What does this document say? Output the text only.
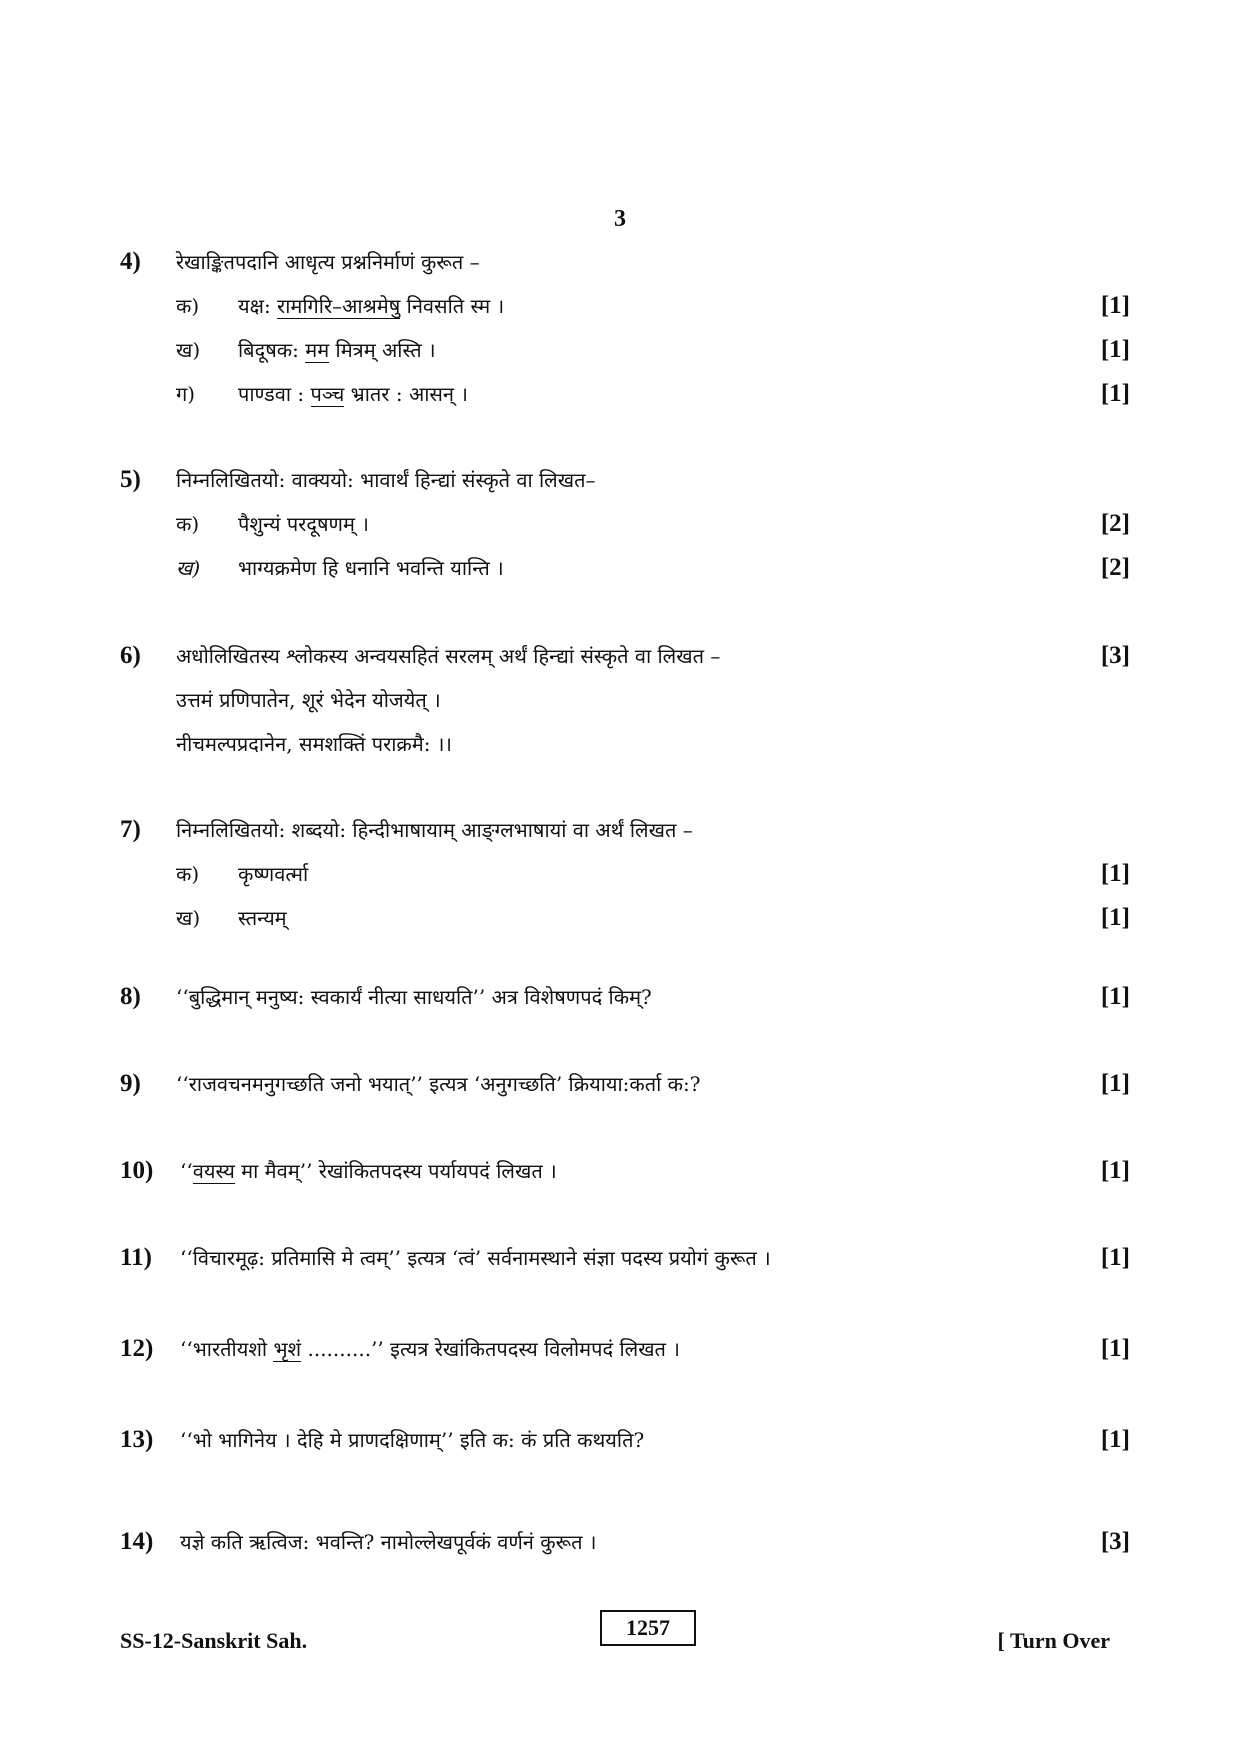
3
4) रेखाङ्कितपदानि आधृत्य प्रश्ननिर्माणं कुरूत –
क) यक्ष: रामगिरि–आश्रमेषु निवसति स्म ।	[1]
ख) बिदूषक: मम मित्रम् अस्ति ।	[1]
ग) पाण्डवा : पञ्च भ्रातर : आसन् ।	[1]
5) निम्नलिखितयो: वाक्ययो: भावार्थं हिन्द्यां संस्कृते वा लिखत–
क) पैशुन्यं परदूषणम् ।	[2]
ख) भाग्यक्रमेण हि धनानि भवन्ति यान्ति ।	[2]
6) अधोलिखितस्य श्लोकस्य अन्वयसहितं सरलम् अर्थं हिन्द्यां संस्कृते वा लिखत –	[3]
उत्तमं प्रणिपातेन, शूरं भेदेन योजयेत् ।
नीचमल्पप्रदानेन, समशक्तिं पराक्रमै: ।।
7) निम्नलिखितयो: शब्दयो: हिन्दीभाषायाम् आङ्ग्लभाषायां वा अर्थं लिखत –
क) कृष्णवर्त्मा	[1]
ख) स्तन्यम्	[1]
8) ‘‘बुद्धिमान् मनुष्य: स्वकार्यं नीत्या साधयति’’ अत्र विशेषणपदं किम्?	[1]
9) ‘‘राजवचनमनुगच्छति जनो भयात्’’ इत्यत्र ‘अनुगच्छति’ क्रियाया:कर्ता क:?	[1]
10) ‘‘वयस्य मा मैवम्’’ रेखांकितपदस्य पर्यायपदं लिखत ।	[1]
11) ‘‘विचारमूढ़: प्रतिमासि मे त्वम्’’ इत्यत्र ‘त्वं’ सर्वनामस्थाने संज्ञा पदस्य प्रयोगं कुरूत ।	[1]
12) ‘‘भारतीयशो भृशं ..........’’ इत्यत्र रेखांकितपदस्य विलोमपदं लिखत ।	[1]
13) ‘‘भो भागिनेय । देहि मे प्राणदक्षिणाम्’’ इति क: कं प्रति कथयति?	[1]
14) यज्ञे कति ऋत्विज: भवन्ति? नामोल्लेखपूर्वकं वर्णनं कुरूत ।	[3]
SS-12-Sanskrit Sah.
1257
[ Turn Over
